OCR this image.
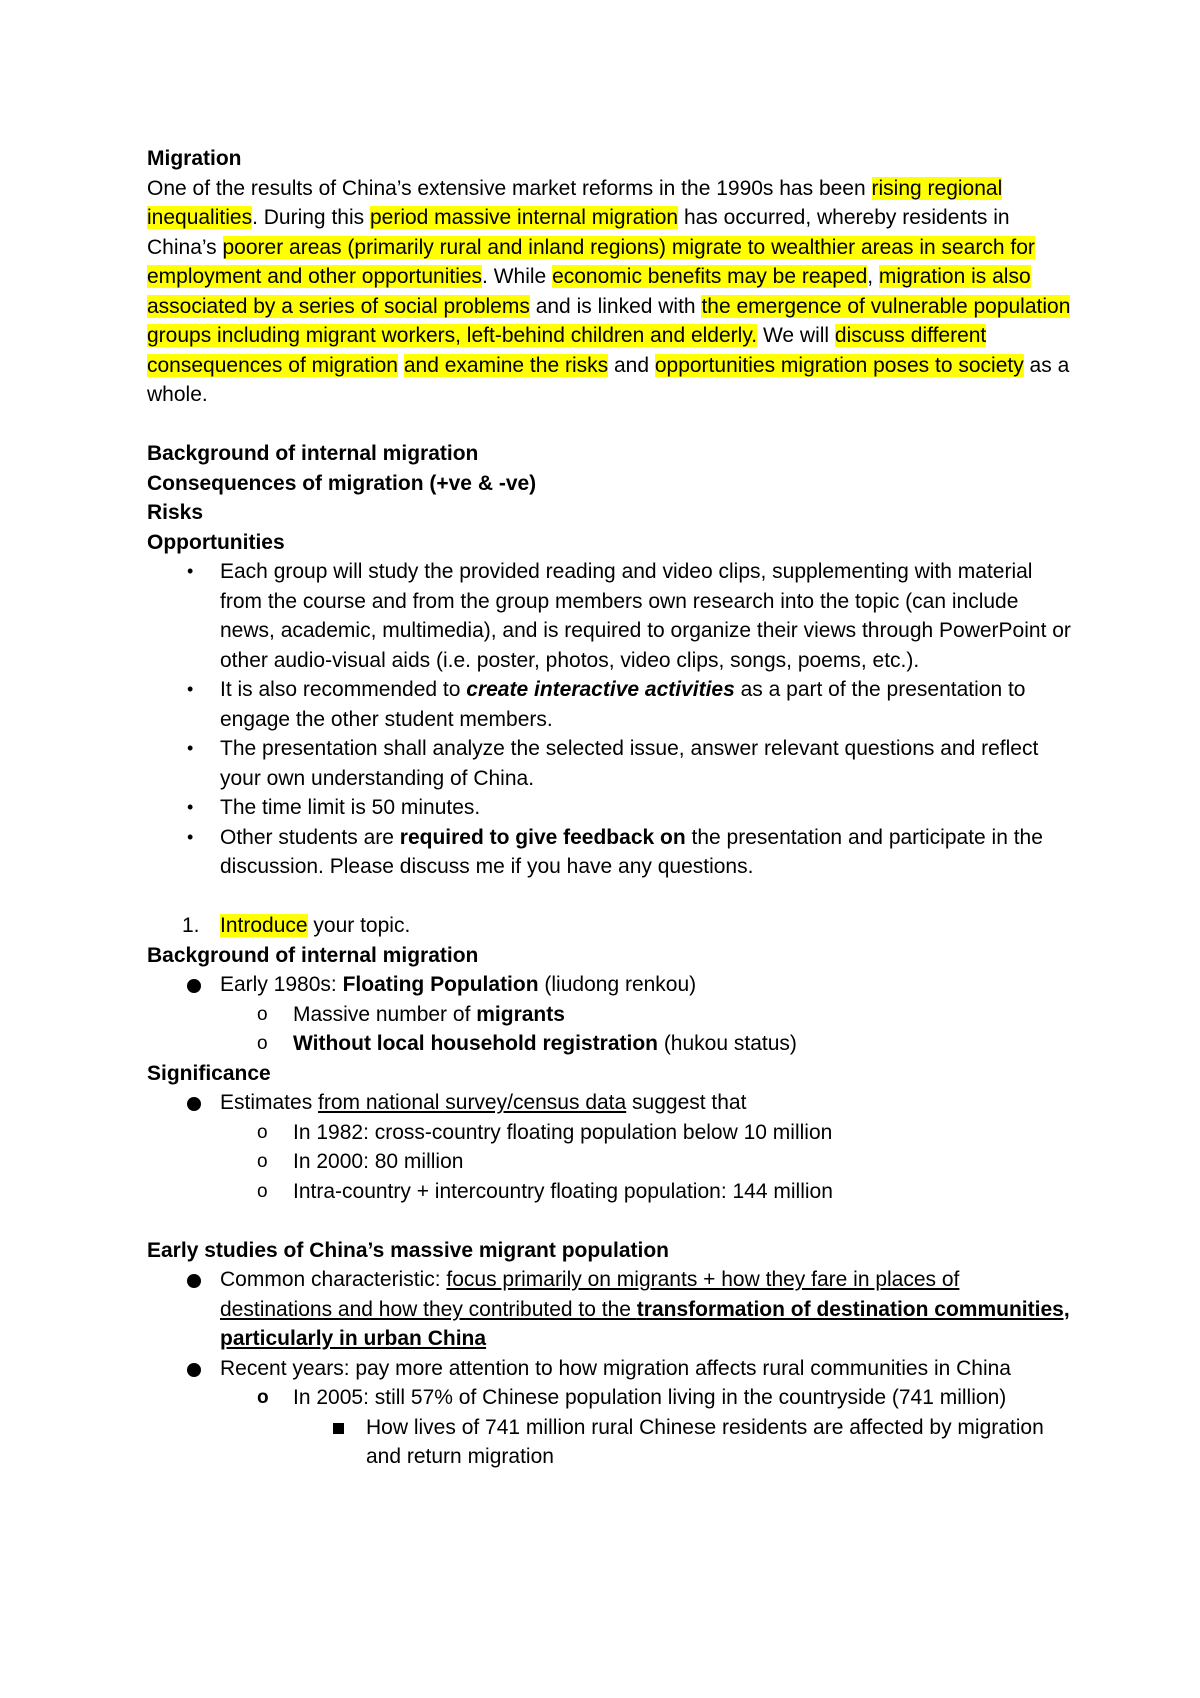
Migration

One of the results of China’s extensive market reforms in the 1990s has been rising regional inequalities. During this period massive internal migration has occurred, whereby residents in China’s poorer areas (primarily rural and inland regions) migrate to wealthier areas in search for employment and other opportunities. While economic benefits may be reaped, migration is also associated by a series of social problems and is linked with the emergence of vulnerable population groups including migrant workers, left-behind children and elderly. We will discuss different consequences of migration and examine the risks and opportunities migration poses to society as a whole.

Background of internal migration

Consequences of migration (+ve & -ve)

Risks

Opportunities

• Each group will study the provided reading and video clips, supplementing with material from the course and from the group members own research into the topic (can include news, academic, multimedia), and is required to organize their views through PowerPoint or other audio-visual aids (i.e. poster, photos, video clips, songs, poems, etc.).
• It is also recommended to create interactive activities as a part of the presentation to engage the other student members.
• The presentation shall analyze the selected issue, answer relevant questions and reflect your own understanding of China.
• The time limit is 50 minutes.
• Other students are required to give feedback on the presentation and participate in the discussion. Please discuss me if you have any questions.

1. Introduce your topic.

Background of internal migration

Early 1980s: Floating Population (liudong renkou)
o Massive number of migrants
o Without local household registration (hukou status)

Significance

Estimates from national survey/census data suggest that
o In 1982: cross-country floating population below 10 million
o In 2000: 80 million
o Intra-country + intercountry floating population: 144 million

Early studies of China’s massive migrant population

Common characteristic: focus primarily on migrants + how they fare in places of destinations and how they contributed to the transformation of destination communities, particularly in urban China
Recent years: pay more attention to how migration affects rural communities in China
o In 2005: still 57% of Chinese population living in the countryside (741 million)
How lives of 741 million rural Chinese residents are affected by migration and return migration
